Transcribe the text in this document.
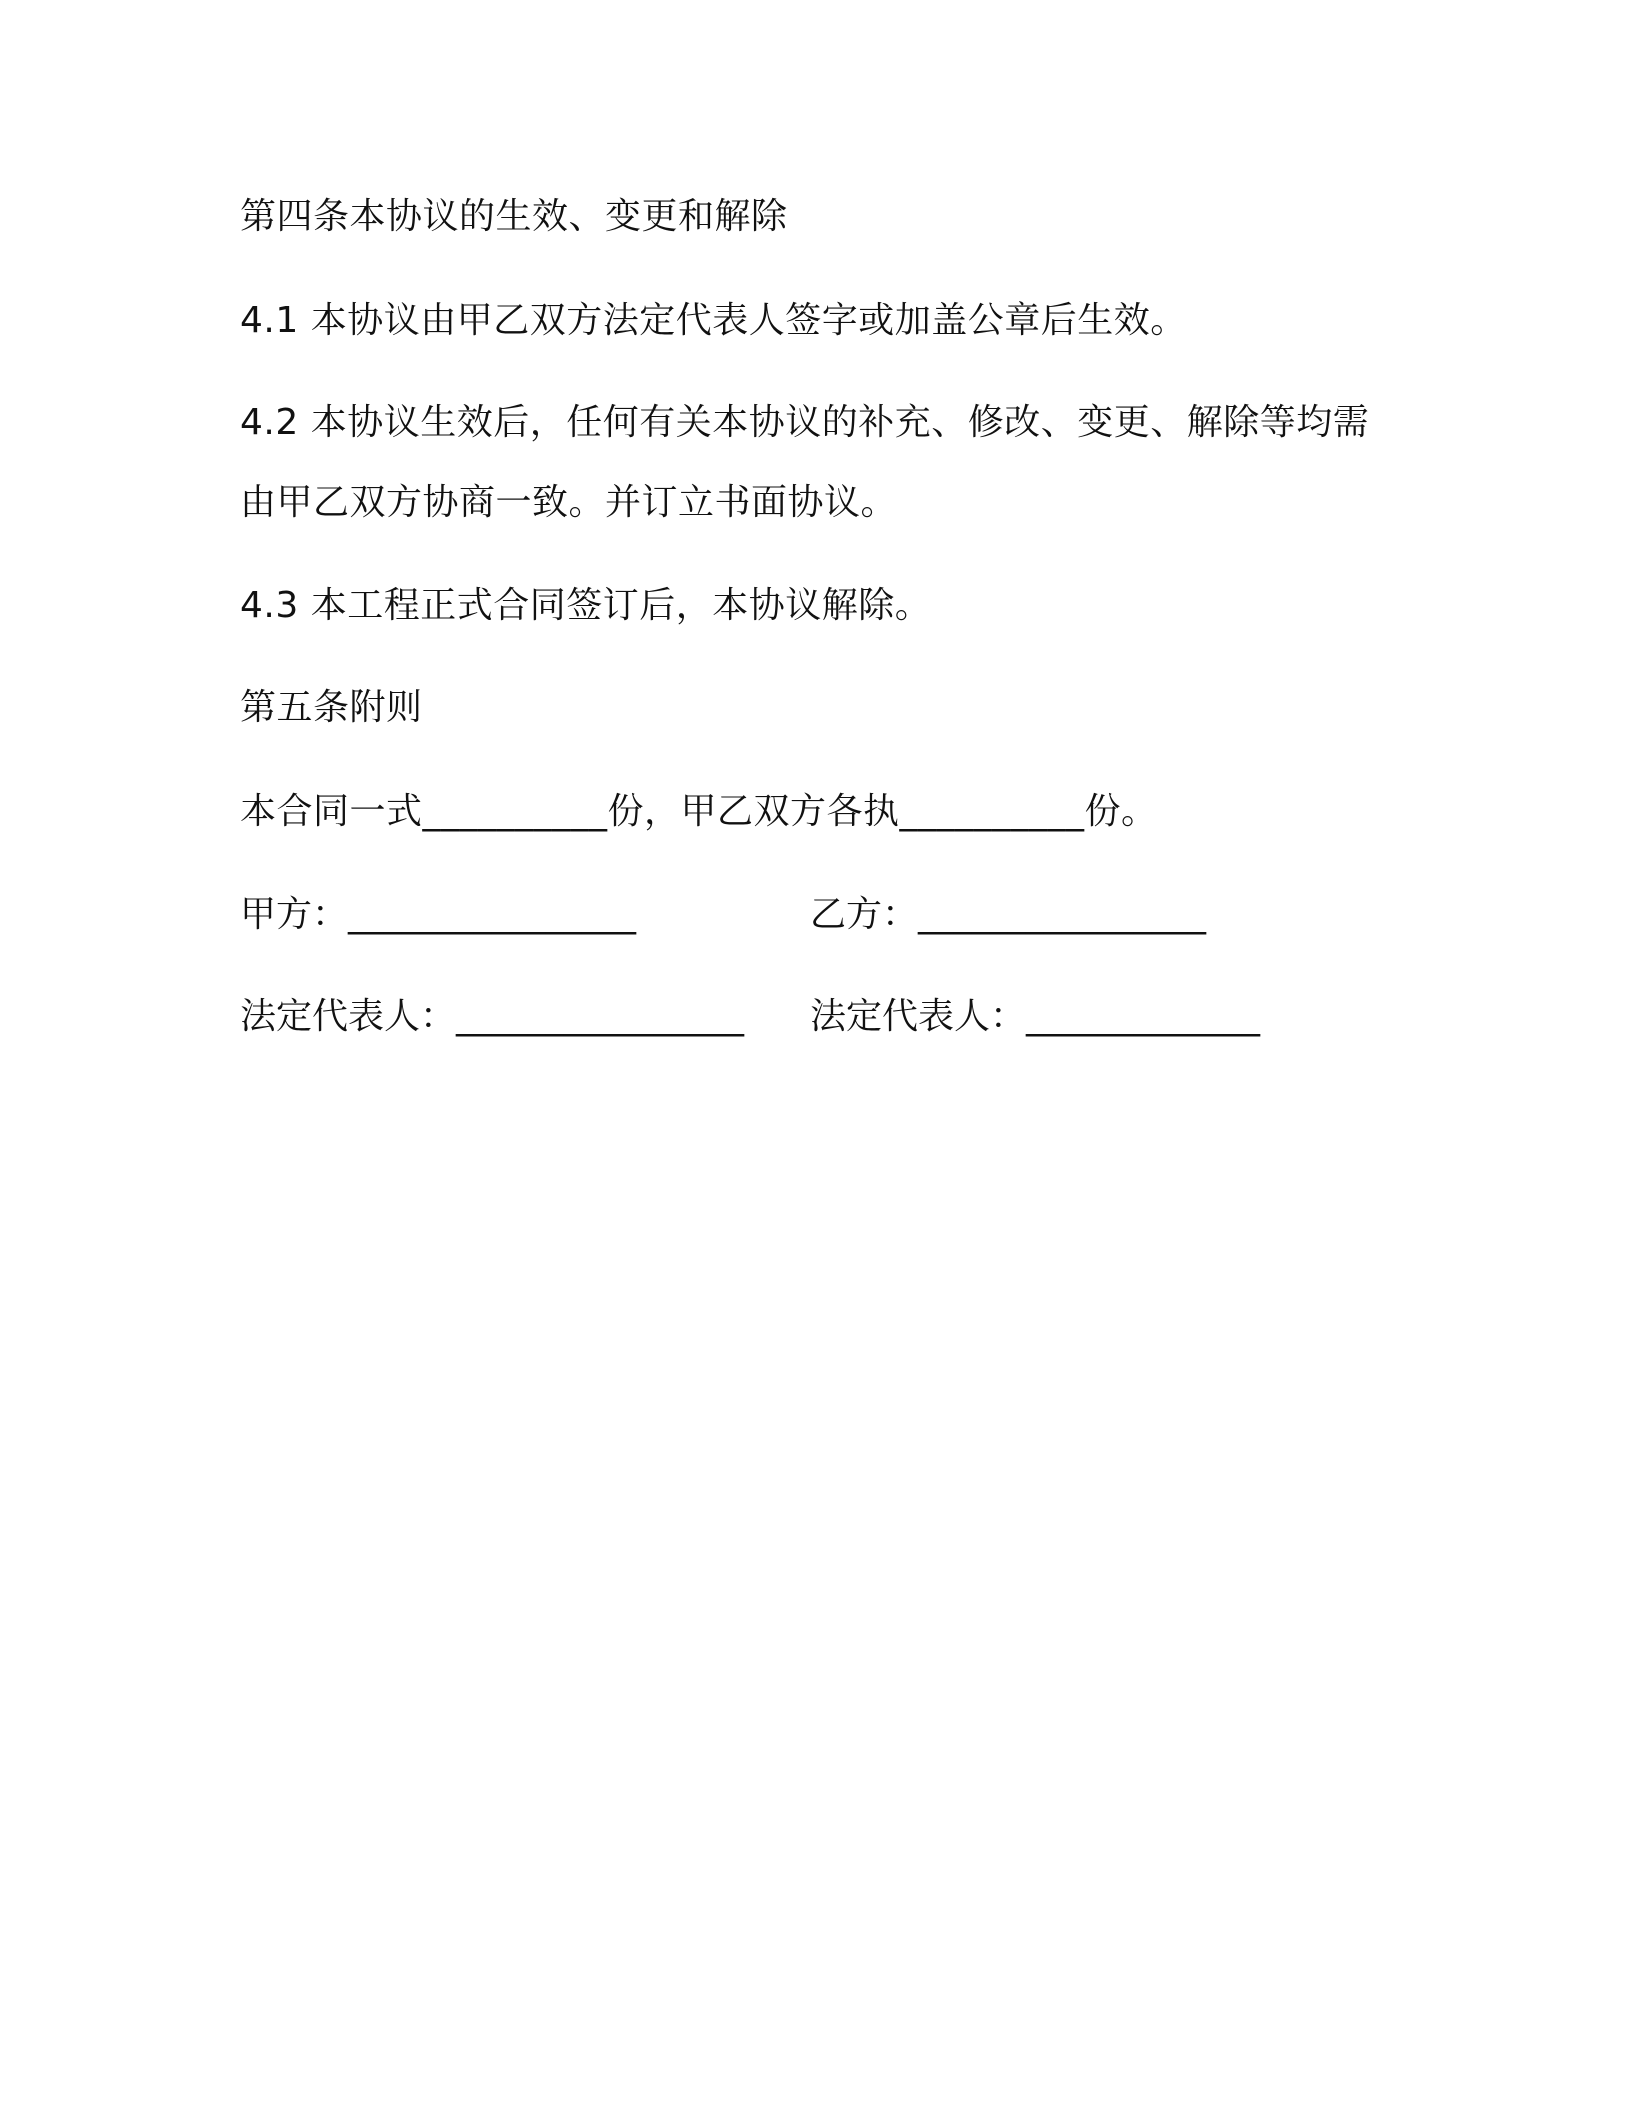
第四条本协议的生效、变更和解除
4.1 本协议由甲乙双方法定代表人签字或加盖公章后生效。
4.2 本协议生效后，任何有关本协议的补充、修改、变更、解除等均需
由甲乙双方协商一致。并订立书面协议。
4.3 本工程正式合同签订后，本协议解除。
第五条附则
本合同一式__________份，甲乙双方各执__________份。
甲方：________________	乙方：________________
法定代表人：________________ 法定代表人：_____________
